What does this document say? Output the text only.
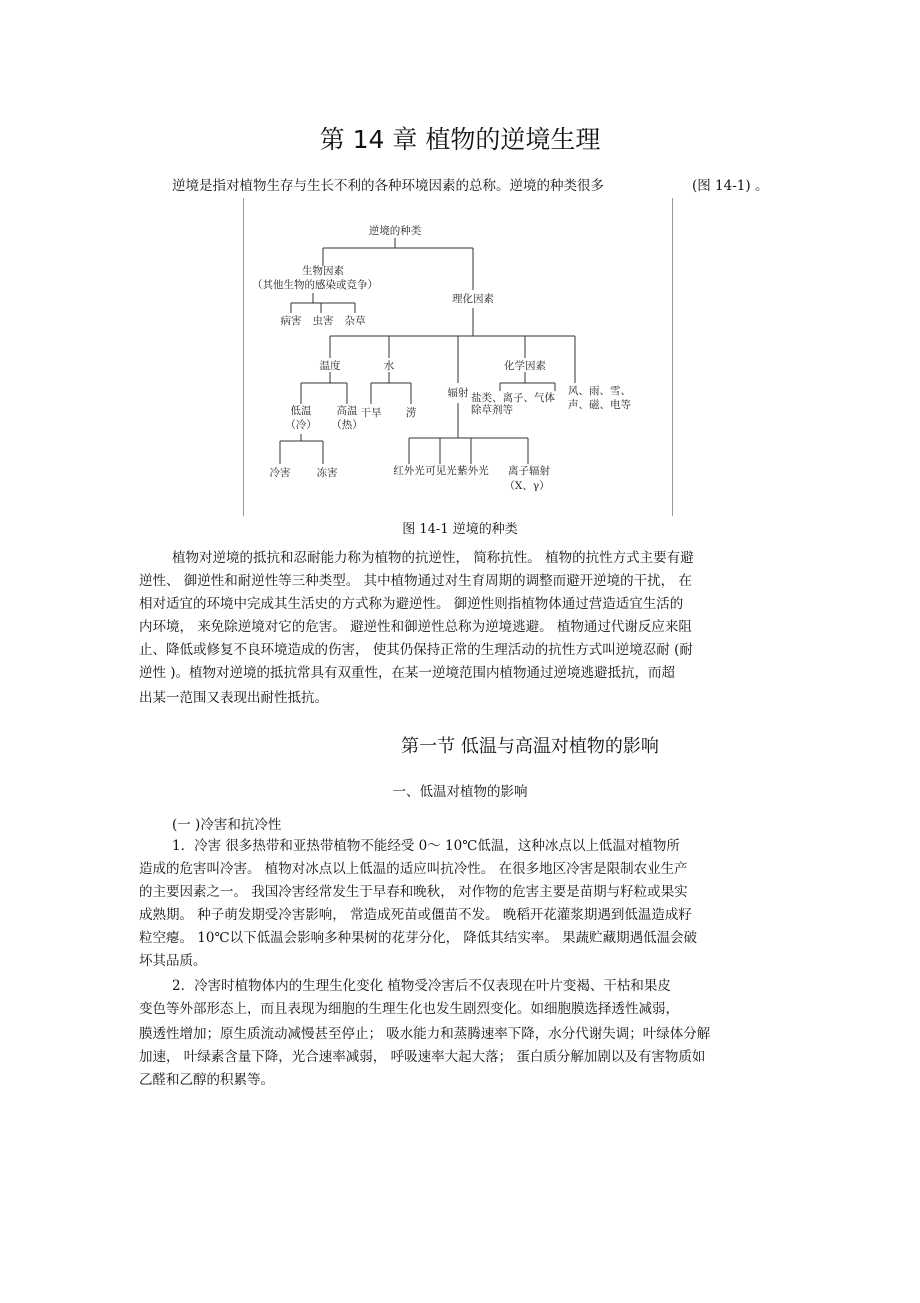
第 14 章 植物的逆境生理
逆境是指对植物生存与生长不利的各种环境因素的总称。逆境的种类很多	(图 14-1) 。
逆境的种类
生物因素
（其他生物的感染或竞争）
病害 虫害 杂草
理化因素
温度	水
辐射
化学因素
风、雨、雪、
声、磁、电等
低温
（冷）
高温
（热）
干旱 涝
盐类、离子、气体
除草剂等
冷害 冻害	红外光 可见光 紫外光 离子辐射
（X、γ）
图 14-1 逆境的种类
植物对逆境的抵抗和忍耐能力称为植物的抗逆性， 简称抗性。 植物的抗性方式主要有避
逆性、 御逆性和耐逆性等三种类型。 其中植物通过对生育周期的调整而避开逆境的干扰， 在
相对适宜的环境中完成其生活史的方式称为避逆性。 御逆性则指植物体通过营造适宜生活的
内环境， 来免除逆境对它的危害。 避逆性和御逆性总称为逆境逃避。 植物通过代谢反应来阻
止、降低或修复不良环境造成的伤害， 使其仍保持正常的生理活动的抗性方式叫逆境忍耐 (耐
逆性 )。植物对逆境的抵抗常具有双重性，在某一逆境范围内植物通过逆境逃避抵抗，而超
出某一范围又表现出耐性抵抗。
第一节 低温与高温对植物的影响
一、低温对植物的影响
(一 )冷害和抗冷性
1．冷害 很多热带和亚热带植物不能经受 0～ 10℃低温，这种冰点以上低温对植物所
造成的危害叫冷害。 植物对冰点以上低温的适应叫抗冷性。 在很多地区冷害是限制农业生产
的主要因素之一。 我国冷害经常发生于早春和晚秋， 对作物的危害主要是苗期与籽粒或果实
成熟期。 种子萌发期受冷害影响， 常造成死苗或僵苗不发。 晚稻开花灌浆期遇到低温造成籽
粒空瘪。 10℃以下低温会影响多种果树的花芽分化， 降低其结实率。 果蔬贮藏期遇低温会破
坏其品质。
2．冷害时植物体内的生理生化变化 植物受冷害后不仅表现在叶片变褐、干枯和果皮
变色等外部形态上，而且表现为细胞的生理生化也发生剧烈变化。如细胞膜选择透性减弱，
膜透性增加；原生质流动减慢甚至停止； 吸水能力和蒸腾速率下降，水分代谢失调；叶绿体分解
加速， 叶绿素含量下降，光合速率减弱， 呼吸速率大起大落； 蛋白质分解加剧以及有害物质如
乙醛和乙醇的积累等。
